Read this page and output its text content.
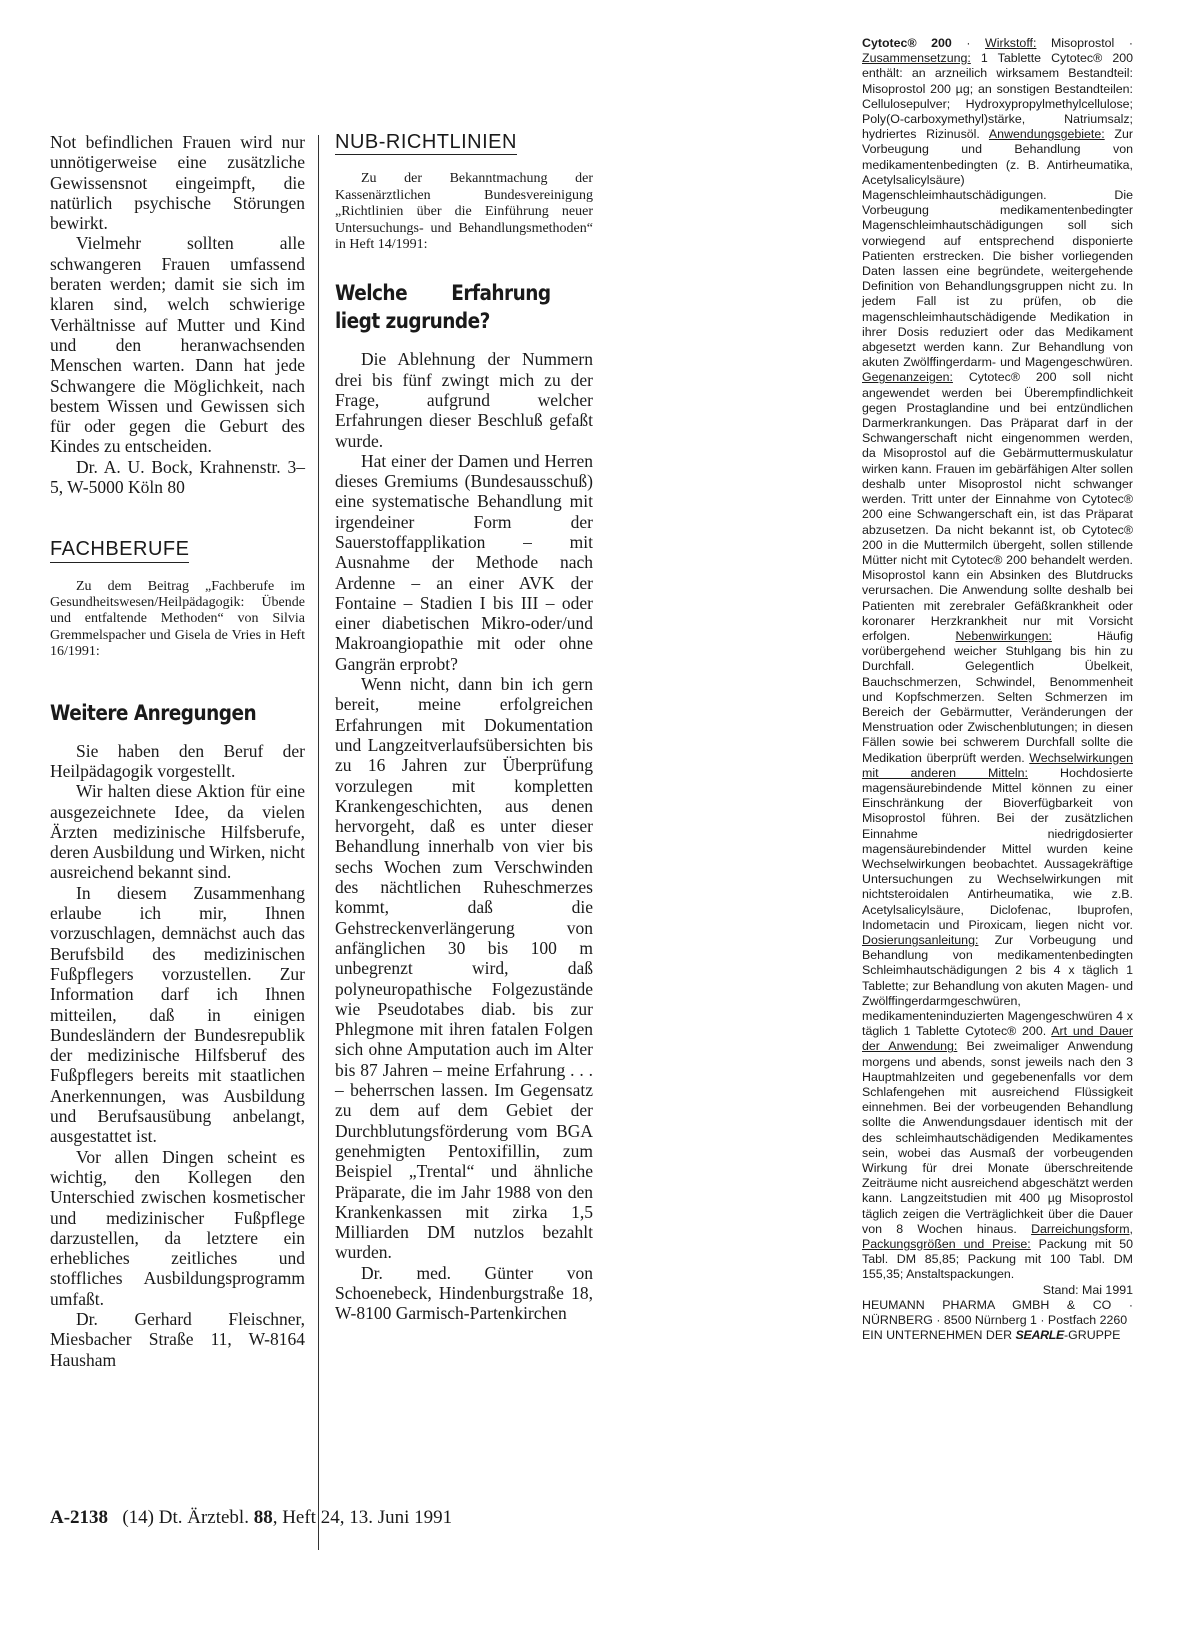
Not befindlichen Frauen wird nur unnötigerweise eine zusätzliche Gewissensnot eingeimpft, die natürlich psychische Störungen bewirkt.

Vielmehr sollten alle schwangeren Frauen umfassend beraten werden; damit sie sich im klaren sind, welch schwierige Verhältnisse auf Mutter und Kind und den heranwachsenden Menschen warten. Dann hat jede Schwangere die Möglichkeit, nach bestem Wissen und Gewissen sich für oder gegen die Geburt des Kindes zu entscheiden.

Dr. A. U. Bock, Krahnenstr. 3–5, W-5000 Köln 80

FACHBERUFE

Zu dem Beitrag „Fachberufe im Gesundheitswesen/Heilpädagogik: Übende und entfaltende Methoden“ von Silvia Gremmelspacher und Gisela de Vries in Heft 16/1991:

Weitere Anregungen

Sie haben den Beruf der Heilpädagogik vorgestellt.

Wir halten diese Aktion für eine ausgezeichnete Idee, da vielen Ärzten medizinische Hilfsberufe, deren Ausbildung und Wirken, nicht ausreichend bekannt sind.

In diesem Zusammenhang erlaube ich mir, Ihnen vorzuschlagen, demnächst auch das Berufsbild des medizinischen Fußpflegers vorzustellen. Zur Information darf ich Ihnen mitteilen, daß in einigen Bundesländern der Bundesrepublik der medizinische Hilfsberuf des Fußpflegers bereits mit staatlichen Anerkennungen, was Ausbildung und Berufsausübung anbelangt, ausgestattet ist.

Vor allen Dingen scheint es wichtig, den Kollegen den Unterschied zwischen kosmetischer und medizinischer Fußpflege darzustellen, da letztere ein erhebliches zeitliches und stoffliches Ausbildungsprogramm umfaßt.

Dr. Gerhard Fleischner, Miesbacher Straße 11, W-8164 Hausham

NUB-RICHTLINIEN

Zu der Bekanntmachung der Kassenärztlichen Bundesvereinigung „Richtlinien über die Einführung neuer Untersuchungs- und Behandlungsmethoden“ in Heft 14/1991:

Welche Erfahrung liegt zugrunde?

Die Ablehnung der Nummern drei bis fünf zwingt mich zu der Frage, aufgrund welcher Erfahrungen dieser Beschluß gefaßt wurde.

Hat einer der Damen und Herren dieses Gremiums (Bundesausschuß) eine systematische Behandlung mit irgendeiner Form der Sauerstoffapplikation – mit Ausnahme der Methode nach Ardenne – an einer AVK der Fontaine – Stadien I bis III – oder einer diabetischen Mikro-oder/und Makroangiopathie mit oder ohne Gangrän erprobt?

Wenn nicht, dann bin ich gern bereit, meine erfolgreichen Erfahrungen mit Dokumentation und Langzeitverlaufsübersichten bis zu 16 Jahren zur Überprüfung vorzulegen mit kompletten Krankengeschichten, aus denen hervorgeht, daß es unter dieser Behandlung innerhalb von vier bis sechs Wochen zum Verschwinden des nächtlichen Ruheschmerzes kommt, daß die Gehstreckenverlängerung von anfänglichen 30 bis 100 m unbegrenzt wird, daß polyneuropathische Folgezustände wie Pseudotabes diab. bis zur Phlegmone mit ihren fatalen Folgen sich ohne Amputation auch im Alter bis 87 Jahren – meine Erfahrung . . . – beherrschen lassen. Im Gegensatz zu dem auf dem Gebiet der Durchblutungsförderung vom BGA genehmigten Pentoxifillin, zum Beispiel „Trental“ und ähnliche Präparate, die im Jahr 1988 von den Krankenkassen mit zirka 1,5 Milliarden DM nutzlos bezahlt wurden.

Dr. med. Günter von Schoenebeck, Hindenburgstraße 18, W-8100 Garmisch-Partenkirchen

Cytotec® 200 · Wirkstoff: Misoprostol · Zusammensetzung: 1 Tablette Cytotec® 200 enthält: an arzneilich wirksamem Bestandteil: Misoprostol 200 µg; an sonstigen Bestandteilen: Cellulosepulver; Hydroxypropylmethylcellulose; Poly(O-carboxymethyl)stärke, Natriumsalz; hydriertes Rizinusöl. Anwendungsgebiete: Zur Vorbeugung und Behandlung von medikamentenbedingten (z. B. Antirheumatika, Acetylsalicylsäure) Magenschleimhautschädigungen. Die Vorbeugung medikamentenbedingter Magenschleimhautschädigungen soll sich vorwiegend auf entsprechend disponierte Patienten erstrecken. Die bisher vorliegenden Daten lassen eine begründete, weitergehende Definition von Behandlungsgruppen nicht zu. In jedem Fall ist zu prüfen, ob die magenschleimhautschädigende Medikation in ihrer Dosis reduziert oder das Medikament abgesetzt werden kann. Zur Behandlung von akuten Zwölffingerdarm- und Magengeschwüren. Gegenanzeigen: Cytotec® 200 soll nicht angewendet werden bei Überempfindlichkeit gegen Prostaglandine und bei entzündlichen Darmerkrankungen. Das Präparat darf in der Schwangerschaft nicht eingenommen werden, da Misoprostol auf die Gebärmuttermuskulatur wirken kann. Frauen im gebärfähigen Alter sollen deshalb unter Misoprostol nicht schwanger werden. Tritt unter der Einnahme von Cytotec® 200 eine Schwangerschaft ein, ist das Präparat abzusetzen. Da nicht bekannt ist, ob Cytotec® 200 in die Muttermilch übergeht, sollen stillende Mütter nicht mit Cytotec® 200 behandelt werden. Misoprostol kann ein Absinken des Blutdrucks verursachen. Die Anwendung sollte deshalb bei Patienten mit zerebraler Gefäßkrankheit oder koronarer Herzkrankheit nur mit Vorsicht erfolgen. Nebenwirkungen: Häufig vorübergehend weicher Stuhlgang bis hin zu Durchfall. Gelegentlich Übelkeit, Bauchschmerzen, Schwindel, Benommenheit und Kopfschmerzen. Selten Schmerzen im Bereich der Gebärmutter, Veränderungen der Menstruation oder Zwischenblutungen; in diesen Fällen sowie bei schwerem Durchfall sollte die Medikation überprüft werden. Wechselwirkungen mit anderen Mitteln: Hochdosierte magensäurebindende Mittel können zu einer Einschränkung der Bioverfügbarkeit von Misoprostol führen. Bei der zusätzlichen Einnahme niedrigdosierter magensäurebindender Mittel wurden keine Wechselwirkungen beobachtet. Aussagekräftige Untersuchungen zu Wechselwirkungen mit nichtsteroidalen Antirheumatika, wie z.B. Acetylsalicylsäure, Diclofenac, Ibuprofen, Indometacin und Piroxicam, liegen nicht vor. Dosierungsanleitung: Zur Vorbeugung und Behandlung von medikamentenbedingten Schleimhautschädigungen 2 bis 4 x täglich 1 Tablette; zur Behandlung von akuten Magen- und Zwölffingerdarmgeschwüren, medikamenteninduzierten Magengeschwüren 4 x täglich 1 Tablette Cytotec® 200. Art und Dauer der Anwendung: Bei zweimaliger Anwendung morgens und abends, sonst jeweils nach den 3 Hauptmahlzeiten und gegebenenfalls vor dem Schlafengehen mit ausreichend Flüssigkeit einnehmen. Bei der vorbeugenden Behandlung sollte die Anwendungsdauer identisch mit der des schleimhautschädigenden Medikamentes sein, wobei das Ausmaß der vorbeugenden Wirkung für drei Monate überschreitende Zeiträume nicht ausreichend abgeschätzt werden kann. Langzeitstudien mit 400 µg Misoprostol täglich zeigen die Verträglichkeit über die Dauer von 8 Wochen hinaus. Darreichungsform, Packungsgrößen und Preise: Packung mit 50 Tabl. DM 85,85; Packung mit 100 Tabl. DM 155,35; Anstaltspackungen.

Stand: Mai 1991

HEUMANN PHARMA GMBH & CO · NÜRNBERG · 8500 Nürnberg 1 · Postfach 2260

EIN UNTERNEHMEN DER SEARLE-GRUPPE

A-2138 (14) Dt. Ärztebl. 88, Heft 24, 13. Juni 1991
